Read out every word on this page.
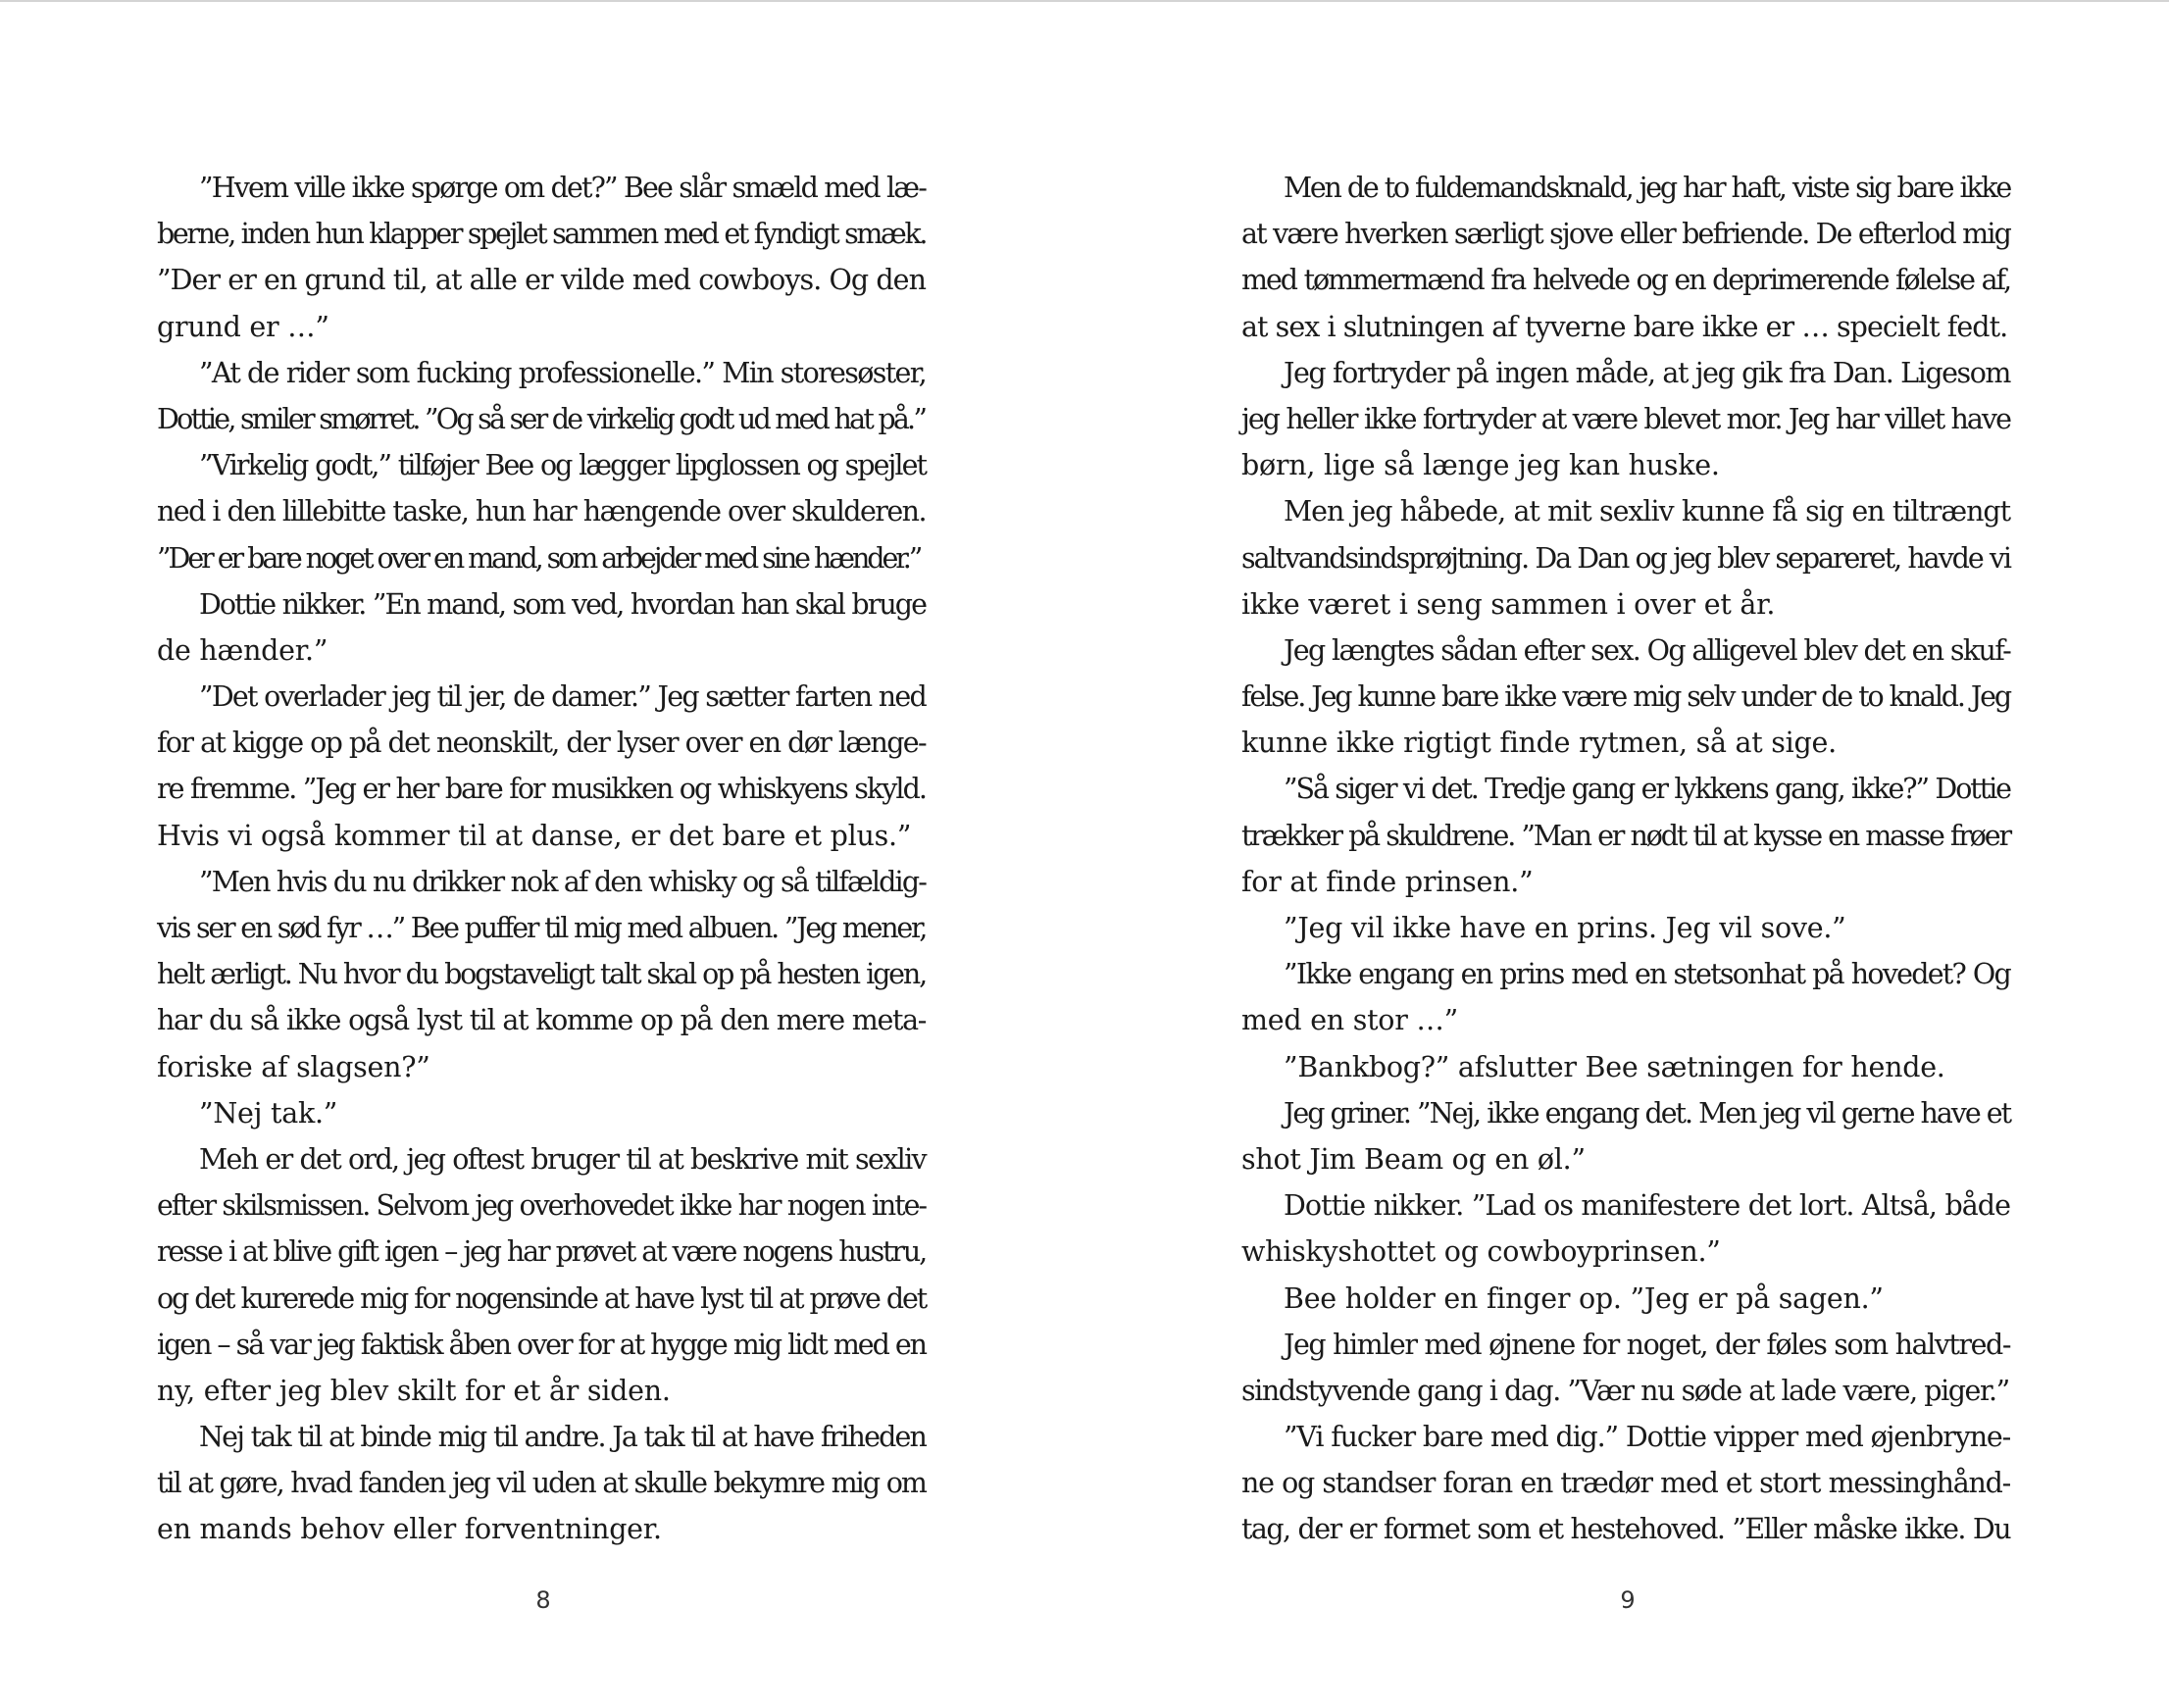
”Hvem ville ikke spørge om det?” Bee slår smæld med læ-
berne, inden hun klapper spejlet sammen med et fyndigt smæk.
”Der er en grund til, at alle er vilde med cowboys. Og den
grund er …”
”At de rider som fucking professionelle.” Min storesøster,
Dottie, smiler smørret. ”Og så ser de virkelig godt ud med hat på.”
”Virkelig godt,” tilføjer Bee og lægger lipglossen og spejlet
ned i den lillebitte taske, hun har hængende over skulderen.
”Der er bare noget over en mand, som arbejder med sine hænder.”
Dottie nikker. ”En mand, som ved, hvordan han skal bruge
de hænder.”
”Det overlader jeg til jer, de damer.” Jeg sætter farten ned
for at kigge op på det neonskilt, der lyser over en dør længe-
re fremme. ”Jeg er her bare for musikken og whiskyens skyld.
Hvis vi også kommer til at danse, er det bare et plus.”
”Men hvis du nu drikker nok af den whisky og så tilfældig-
vis ser en sød fyr …” Bee puffer til mig med albuen. ”Jeg mener,
helt ærligt. Nu hvor du bogstaveligt talt skal op på hesten igen,
har du så ikke også lyst til at komme op på den mere meta-
foriske af slagsen?”
”Nej tak.”
Meh er det ord, jeg oftest bruger til at beskrive mit sexliv
efter skilsmissen. Selvom jeg overhovedet ikke har nogen inte-
resse i at blive gift igen – jeg har prøvet at være nogens hustru,
og det kurerede mig for nogensinde at have lyst til at prøve det
igen – så var jeg faktisk åben over for at hygge mig lidt med en
ny, efter jeg blev skilt for et år siden.
Nej tak til at binde mig til andre. Ja tak til at have friheden
til at gøre, hvad fanden jeg vil uden at skulle bekymre mig om
en mands behov eller forventninger.
8
Men de to fuldemandsknald, jeg har haft, viste sig bare ikke
at være hverken særligt sjove eller befriende. De efterlod mig
med tømmermænd fra helvede og en deprimerende følelse af,
at sex i slutningen af tyverne bare ikke er … specielt fedt.
Jeg fortryder på ingen måde, at jeg gik fra Dan. Ligesom
jeg heller ikke fortryder at være blevet mor. Jeg har villet have
børn, lige så længe jeg kan huske.
Men jeg håbede, at mit sexliv kunne få sig en tiltrængt
saltvandsindsprøjtning. Da Dan og jeg blev separeret, havde vi
ikke været i seng sammen i over et år.
Jeg længtes sådan efter sex. Og alligevel blev det en skuf-
felse. Jeg kunne bare ikke være mig selv under de to knald. Jeg
kunne ikke rigtigt finde rytmen, så at sige.
”Så siger vi det. Tredje gang er lykkens gang, ikke?” Dottie
trækker på skuldrene. ”Man er nødt til at kysse en masse frøer
for at finde prinsen.”
”Jeg vil ikke have en prins. Jeg vil sove.”
”Ikke engang en prins med en stetsonhat på hovedet? Og
med en stor …”
”Bankbog?” afslutter Bee sætningen for hende.
Jeg griner. ”Nej, ikke engang det. Men jeg vil gerne have et
shot Jim Beam og en øl.”
Dottie nikker. ”Lad os manifestere det lort. Altså, både
whiskyshottet og cowboyprinsen.”
Bee holder en finger op. ”Jeg er på sagen.”
Jeg himler med øjnene for noget, der føles som halvtred-
sindstyvende gang i dag. ”Vær nu søde at lade være, piger.”
”Vi fucker bare med dig.” Dottie vipper med øjenbryne-
ne og standser foran en trædør med et stort messinghånd-
tag, der er formet som et hestehoved. ”Eller måske ikke. Du
9
